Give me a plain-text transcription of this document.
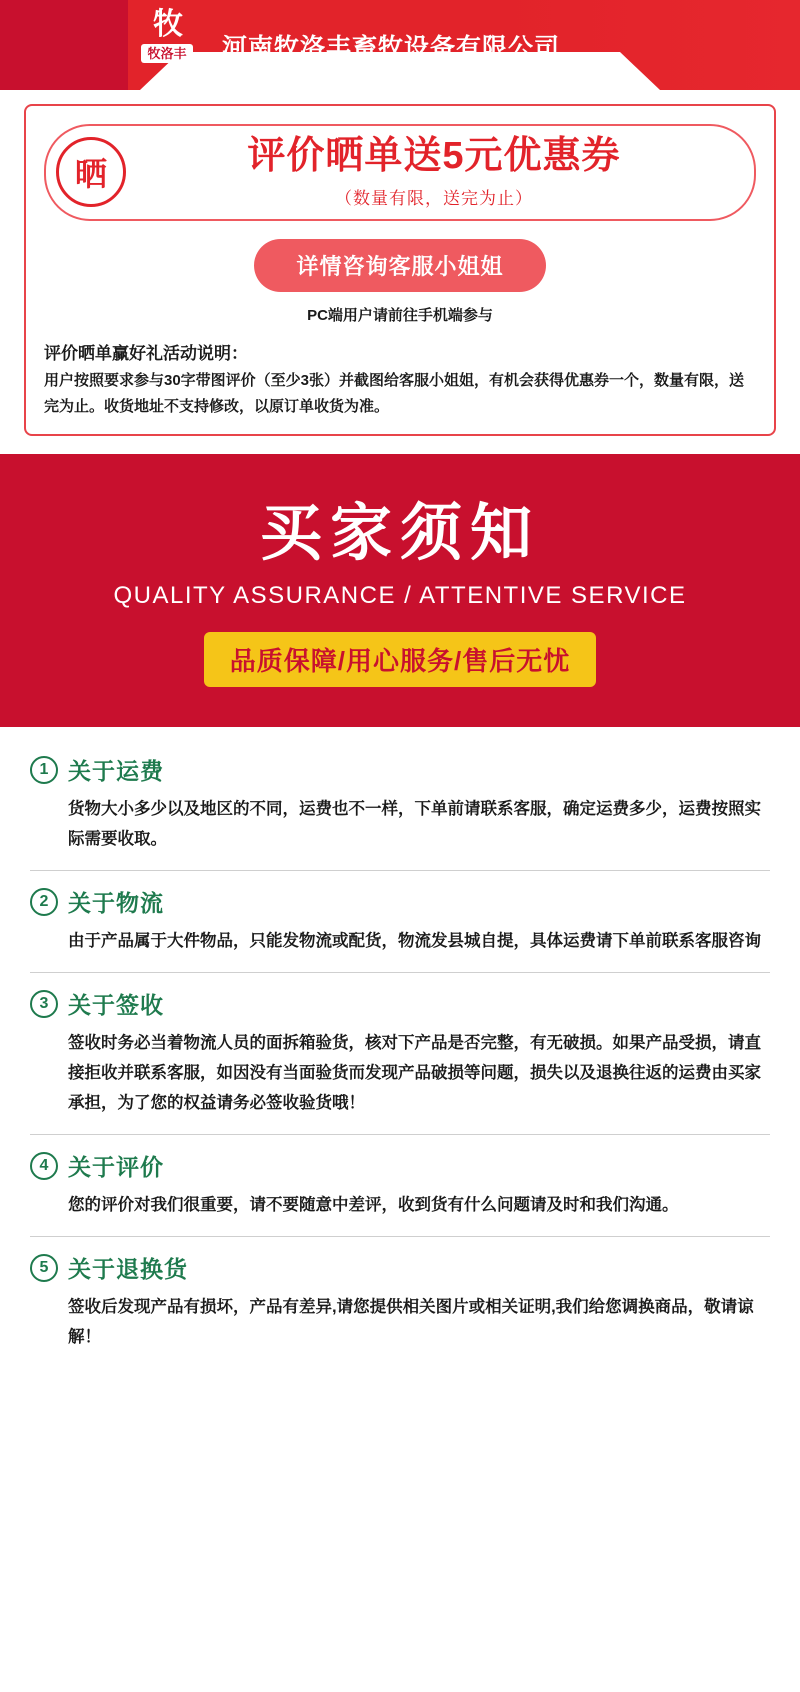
牧
牧洛丰	河南牧洛丰畜牧设备有限公司
晒	评价晒单送5元优惠券
（数量有限，送完为止）
详情咨询客服小姐姐
PC端用户请前往手机端参与
评价晒单赢好礼活动说明：
用户按照要求参与30字带图评价（至少3张）并截图给客服小姐姐，有机会获得优惠券一个，数量有限，送完为止。收货地址不支持修改，以原订单收货为准。
买家须知
QUALITY ASSURANCE / ATTENTIVE SERVICE
品质保障/用心服务/售后无忧
1 关于运费
货物大小多少以及地区的不同，运费也不一样，下单前请联系客服，确定运费多少，运费按照实际需要收取。
2 关于物流
由于产品属于大件物品，只能发物流或配货，物流发县城自提，具体运费请下单前联系客服咨询
3 关于签收
签收时务必当着物流人员的面拆箱验货，核对下产品是否完整，有无破损。如果产品受损，请直接拒收并联系客服，如因没有当面验货而发现产品破损等问题，损失以及退换往返的运费由买家承担，为了您的权益请务必签收验货哦！
4 关于评价
您的评价对我们很重要，请不要随意中差评，收到货有什么问题请及时和我们沟通。
5 关于退换货
签收后发现产品有损坏，产品有差异,请您提供相关图片或相关证明,我们给您调换商品，敬请谅解！
